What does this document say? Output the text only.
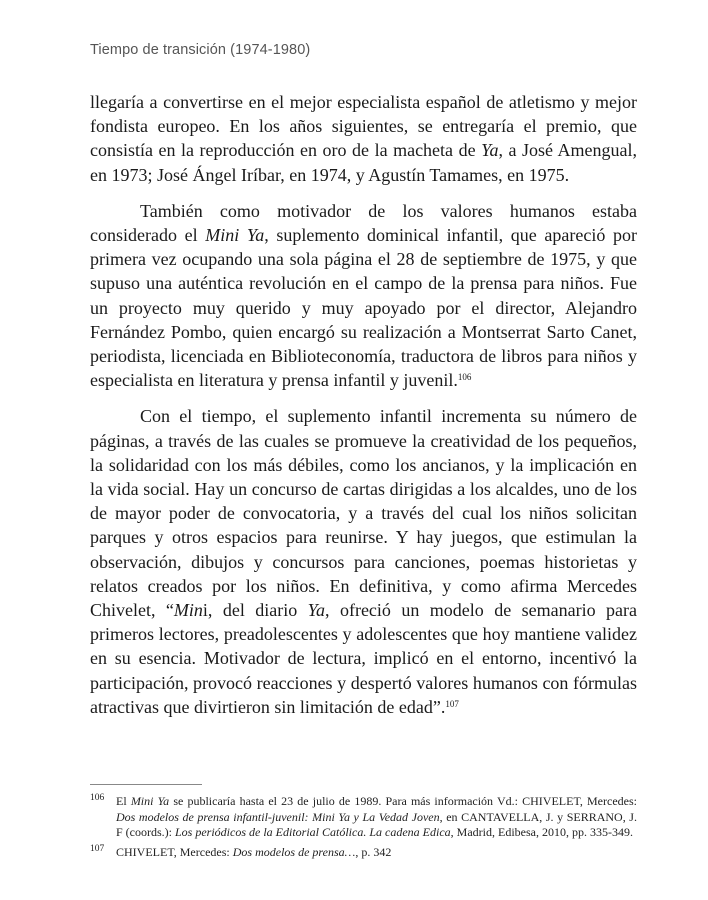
Tiempo de transición (1974-1980)

llegaría a convertirse en el mejor especialista español de atletismo y mejor fondista europeo. En los años siguientes, se entregaría el premio, que consistía en la reproducción en oro de la macheta de Ya, a José Amengual, en 1973; José Ángel Iríbar, en 1974, y Agustín Tamames, en 1975.

También como motivador de los valores humanos estaba considerado el Mini Ya, suplemento dominical infantil, que apareció por primera vez ocupando una sola página el 28 de septiembre de 1975, y que supuso una auténtica revolución en el campo de la prensa para niños. Fue un proyecto muy querido y muy apoyado por el director, Alejandro Fernández Pombo, quien encargó su realización a Montserrat Sarto Canet, periodista, licenciada en Biblioteconomía, traductora de libros para niños y especialista en literatura y prensa infantil y juvenil.$^{106}$

Con el tiempo, el suplemento infantil incrementa su número de páginas, a través de las cuales se promueve la creatividad de los pequeños, la solidaridad con los más débiles, como los ancianos, y la implicación en la vida social. Hay un concurso de cartas dirigidas a los alcaldes, uno de los de mayor poder de convocatoria, y a través del cual los niños solicitan parques y otros espacios para reunirse. Y hay juegos, que estimulan la observación, dibujos y concursos para canciones, poemas historietas y relatos creados por los niños. En definitiva, y como afirma Mercedes Chivelet, “Mini, del diario Ya, ofreció un modelo de semanario para primeros lectores, preadolescentes y adolescentes que hoy mantiene validez en su esencia. Motivador de lectura, implicó en el entorno, incentivó la participación, provocó reacciones y despertó valores humanos con fórmulas atractivas que divirtieron sin limitación de edad”.$^{107}$

106 El Mini Ya se publicaría hasta el 23 de julio de 1989. Para más información Vd.: CHIVELET, Mercedes: Dos modelos de prensa infantil-juvenil: Mini Ya y La Vedad Joven, en CANTAVELLA, J. y SERRANO, J. F (coords.): Los periódicos de la Editorial Católica. La cadena Edica, Madrid, Edibesa, 2010, pp. 335-349.
107 CHIVELET, Mercedes: Dos modelos de prensa…, p. 342
